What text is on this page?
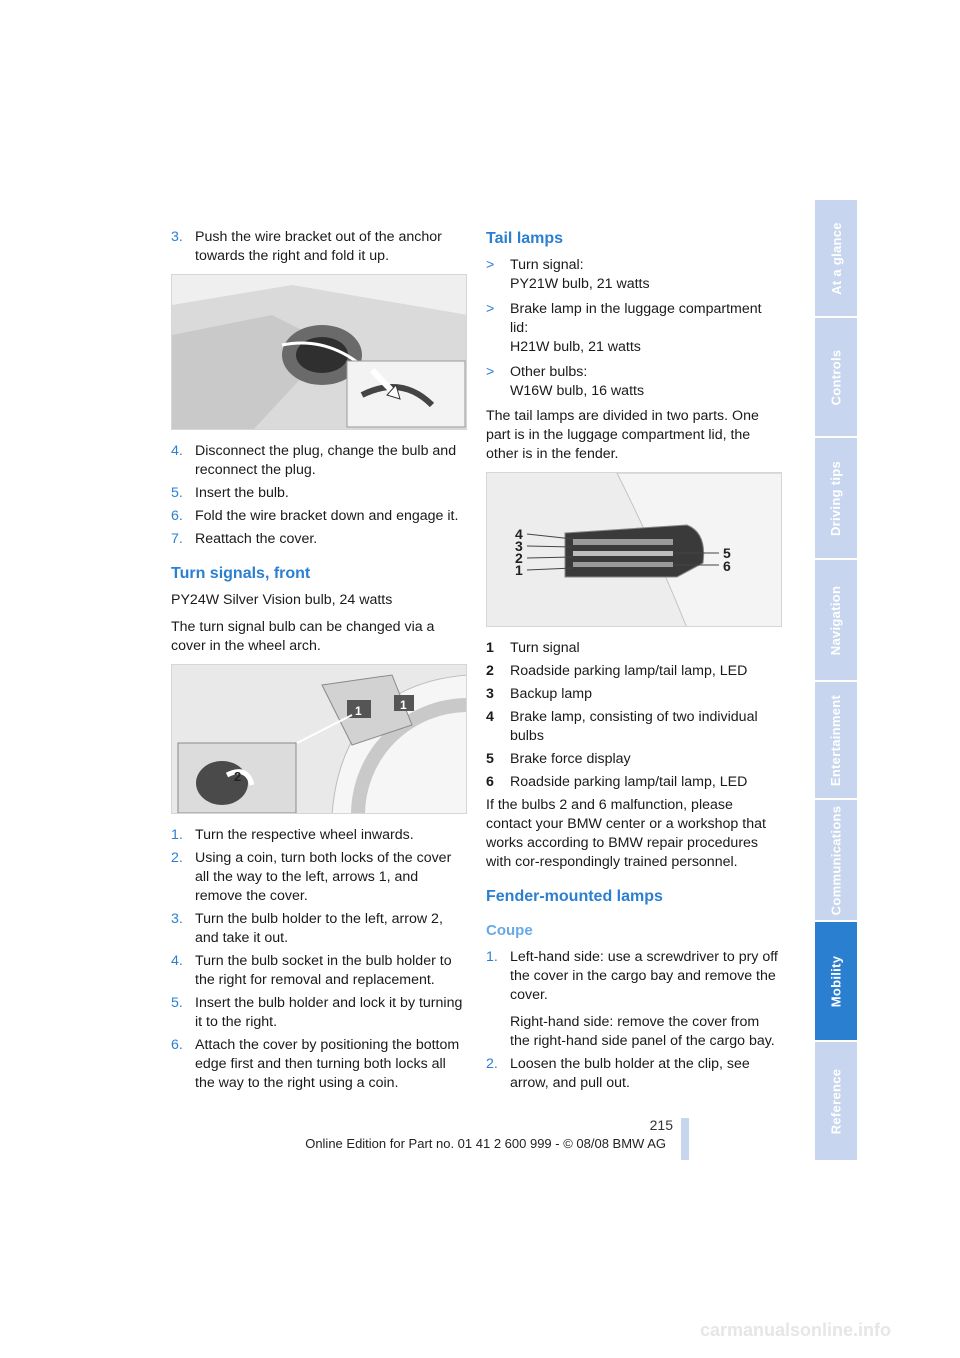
3. Push the wire bracket out of the anchor towards the right and fold it up.
4. Disconnect the plug, change the bulb and reconnect the plug.
5. Insert the bulb.
6. Fold the wire bracket down and engage it.
7. Reattach the cover.
Turn signals, front

PY24W Silver Vision bulb, 24 watts

The turn signal bulb can be changed via a cover in the wheel arch.

1	1
2
1. Turn the respective wheel inwards.
2. Using a coin, turn both locks of the cover all the way to the left, arrows 1, and remove the cover.
3. Turn the bulb holder to the left, arrow 2, and take it out.
4. Turn the bulb socket in the bulb holder to the right for removal and replacement.
5. Insert the bulb holder and lock it by turning it to the right.
6. Attach the cover by positioning the bottom edge first and then turning both locks all the way to the right using a coin.
Tail lamps
>	Turn signal:
PY21W bulb, 21 watts
>	Brake lamp in the luggage compartment lid:
H21W bulb, 21 watts
>	Other bulbs:
W16W bulb, 16 watts

The tail lamps are divided in two parts. One part is in the luggage compartment lid, the other is in the fender.

4
3
2
1
5
6
1	Turn signal
2	Roadside parking lamp/tail lamp, LED
3	Backup lamp
4	Brake lamp, consisting of two individual bulbs
5	Brake force display
6	Roadside parking lamp/tail lamp, LED

If the bulbs 2 and 6 malfunction, please contact your BMW center or a workshop that works according to BMW repair procedures with cor-respondingly trained personnel.

Fender-mounted lamps
Coupe
1. Left-hand side: use a screwdriver to pry off the cover in the cargo bay and remove the cover.

Right-hand side: remove the cover from the right-hand side panel of the cargo bay.

2. Loosen the bulb holder at the clip, see arrow, and pull out.
At a glance
Controls
Driving tips
Navigation
Entertainment
Communications
Mobility
Reference
215
Online Edition for Part no. 01 41 2 600 999 - © 08/08 BMW AG
carmanualsonline.info
